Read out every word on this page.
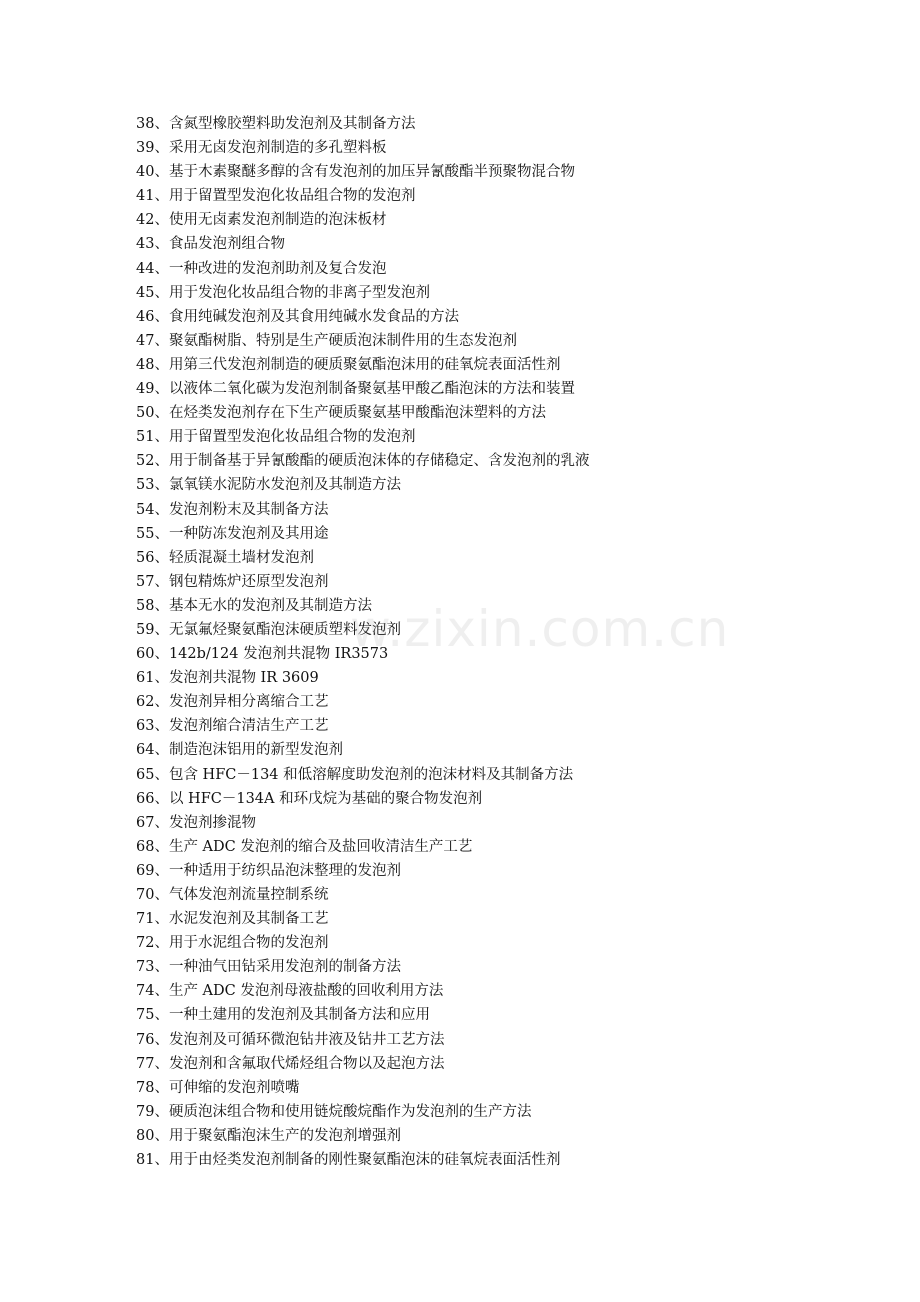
38、含氮型橡胶塑料助发泡剂及其制备方法
39、采用无卤发泡剂制造的多孔塑料板
40、基于木素聚醚多醇的含有发泡剂的加压异氰酸酯半预聚物混合物
41、用于留置型发泡化妆品组合物的发泡剂
42、使用无卤素发泡剂制造的泡沫板材
43、食品发泡剂组合物
44、一种改进的发泡剂助剂及复合发泡
45、用于发泡化妆品组合物的非离子型发泡剂
46、食用纯碱发泡剂及其食用纯碱水发食品的方法
47、聚氨酯树脂、特别是生产硬质泡沫制件用的生态发泡剂
48、用第三代发泡剂制造的硬质聚氨酯泡沫用的硅氧烷表面活性剂
49、以液体二氧化碳为发泡剂制备聚氨基甲酸乙酯泡沫的方法和装置
50、在烃类发泡剂存在下生产硬质聚氨基甲酸酯泡沫塑料的方法
51、用于留置型发泡化妆品组合物的发泡剂
52、用于制备基于异氰酸酯的硬质泡沫体的存储稳定、含发泡剂的乳液
53、氯氧镁水泥防水发泡剂及其制造方法
54、发泡剂粉末及其制备方法
55、一种防冻发泡剂及其用途
56、轻质混凝土墙材发泡剂
57、钢包精炼炉还原型发泡剂
58、基本无水的发泡剂及其制造方法
59、无氯氟烃聚氨酯泡沫硬质塑料发泡剂
60、142b/124 发泡剂共混物 IR3573
61、发泡剂共混物 IR 3609
62、发泡剂异相分离缩合工艺
63、发泡剂缩合清洁生产工艺
64、制造泡沫铝用的新型发泡剂
65、包含 HFC－134 和低溶解度助发泡剂的泡沫材料及其制备方法
66、以 HFC－134A 和环戊烷为基础的聚合物发泡剂
67、发泡剂掺混物
68、生产 ADC 发泡剂的缩合及盐回收清洁生产工艺
69、一种适用于纺织品泡沫整理的发泡剂
70、气体发泡剂流量控制系统
71、水泥发泡剂及其制备工艺
72、用于水泥组合物的发泡剂
73、一种油气田钻采用发泡剂的制备方法
74、生产 ADC 发泡剂母液盐酸的回收利用方法
75、一种土建用的发泡剂及其制备方法和应用
76、发泡剂及可循环微泡钻井液及钻井工艺方法
77、发泡剂和含氟取代烯烃组合物以及起泡方法
78、可伸缩的发泡剂喷嘴
79、硬质泡沫组合物和使用链烷酸烷酯作为发泡剂的生产方法
80、用于聚氨酯泡沫生产的发泡剂增强剂
81、用于由烃类发泡剂制备的刚性聚氨酯泡沫的硅氧烷表面活性剂
w.zixin.com.cn
